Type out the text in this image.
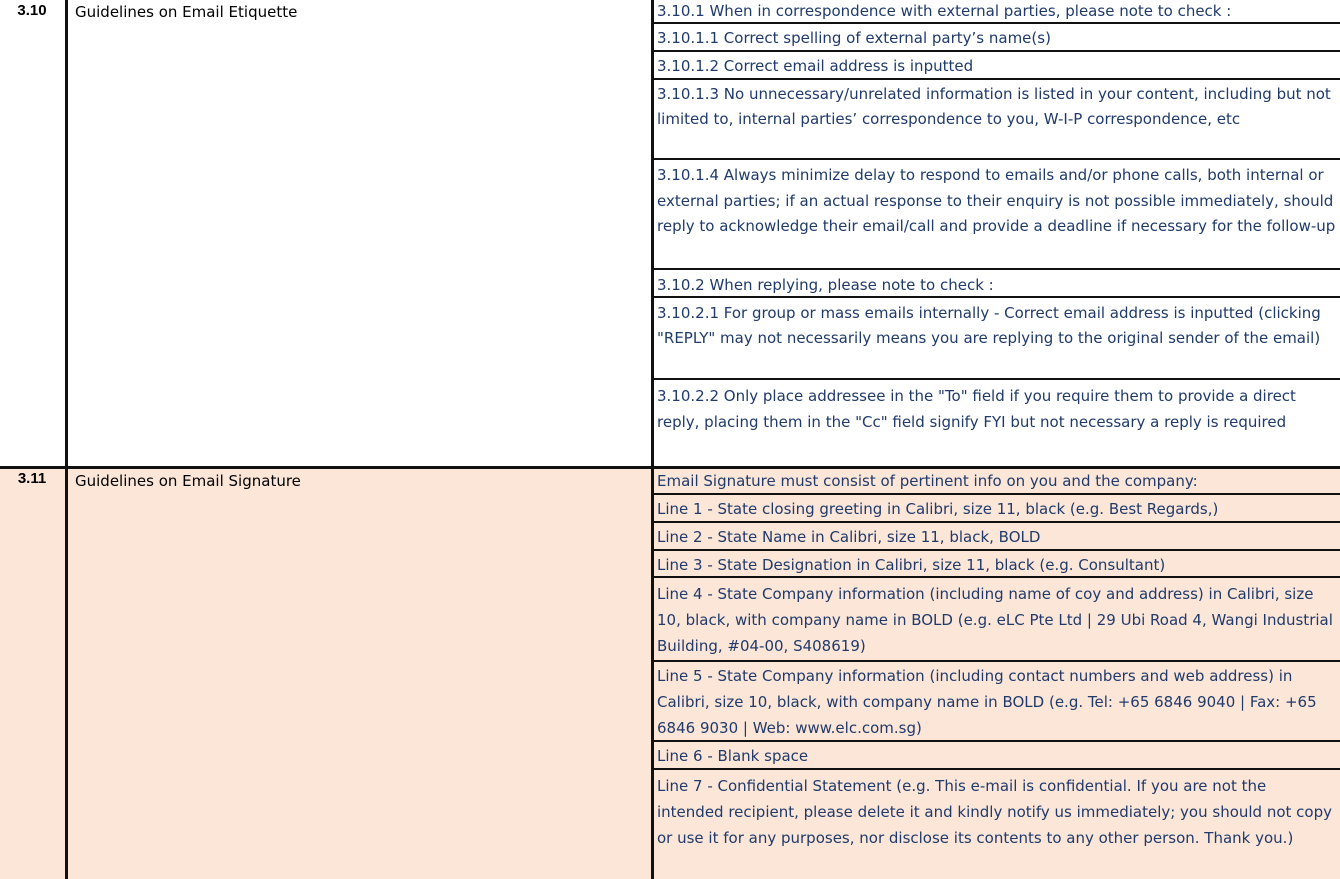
3.10	Guidelines on Email Etiquette	3.10.1 When in correspondence with external parties, please note to check :
3.10.1.1 Correct spelling of external party’s name(s)
3.10.1.2 Correct email address is inputted
3.10.1.3 No unnecessary/unrelated information is listed in your content, including but not limited to, internal parties’ correspondence to you, W-I-P correspondence, etc
3.10.1.4 Always minimize delay to respond to emails and/or phone calls, both internal or external parties; if an actual response to their enquiry is not possible immediately, should reply to acknowledge their email/call and provide a deadline if necessary for the follow-up
3.10.2 When replying, please note to check :
3.10.2.1 For group or mass emails internally - Correct email address is inputted (clicking "REPLY" may not necessarily means you are replying to the original sender of the email)
3.10.2.2 Only place addressee in the "To" field if you require them to provide a direct reply, placing them in the "Cc" field signify FYI but not necessary a reply is required
3.11	Guidelines on Email Signature	Email Signature must consist of pertinent info on you and the company:
Line 1 - State closing greeting in Calibri, size 11, black (e.g. Best Regards,)
Line 2 - State Name in Calibri, size 11, black, BOLD
Line 3 - State Designation in Calibri, size 11, black (e.g. Consultant)
Line 4 - State Company information (including name of coy and address) in Calibri, size 10, black, with company name in BOLD (e.g. eLC Pte Ltd | 29 Ubi Road 4, Wangi Industrial Building, #04-00, S408619)
Line 5 - State Company information (including contact numbers and web address) in Calibri, size 10, black, with company name in BOLD (e.g. Tel: +65 6846 9040 | Fax: +65 6846 9030 | Web: www.elc.com.sg)
Line 6 - Blank space
Line 7 - Confidential Statement (e.g. This e-mail is confidential. If you are not the intended recipient, please delete it and kindly notify us immediately; you should not copy or use it for any purposes, nor disclose its contents to any other person. Thank you.)
